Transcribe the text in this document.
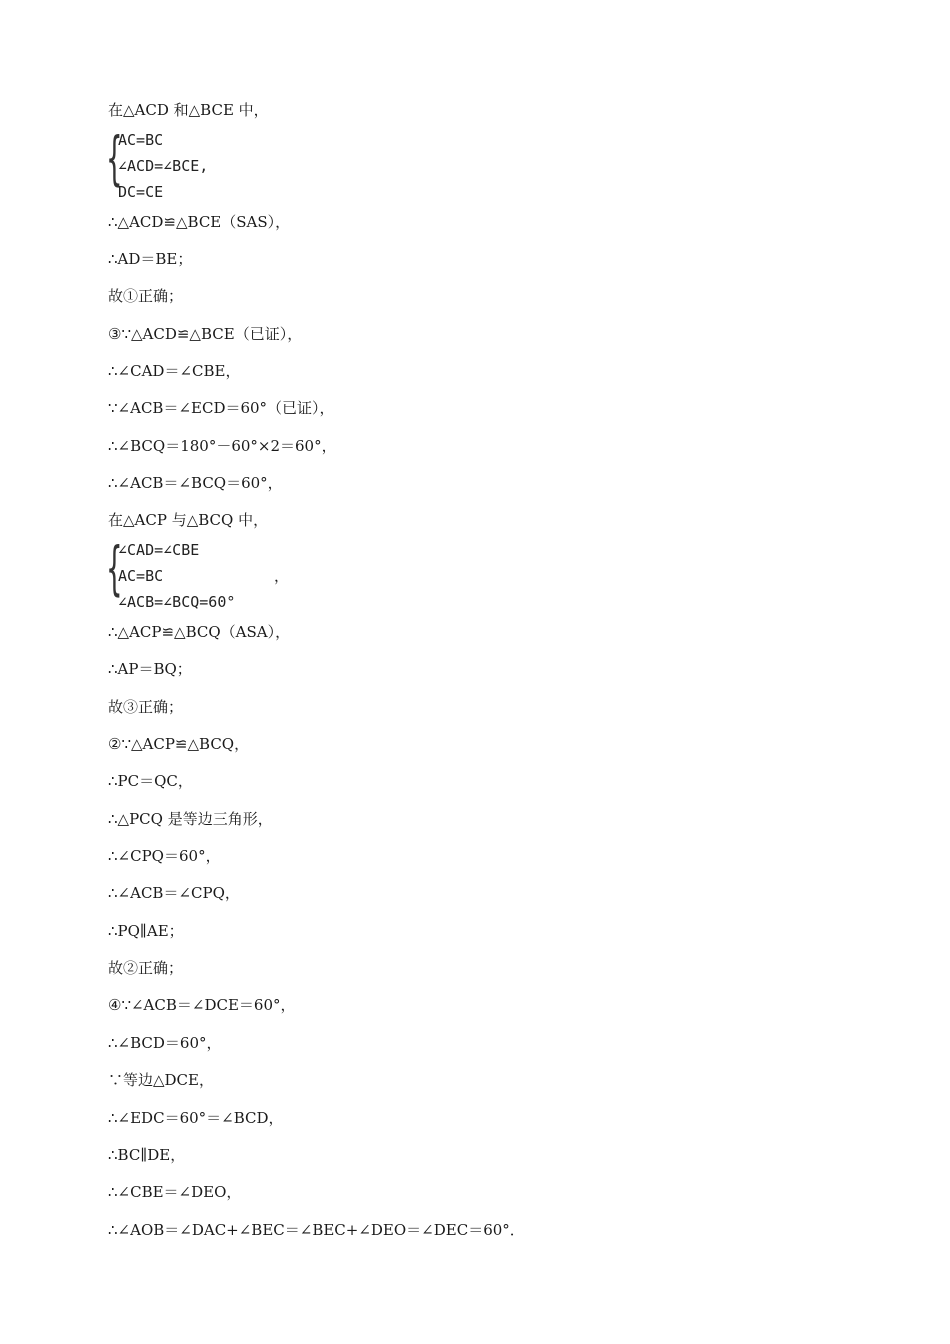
在△ACD 和△BCE 中，
{
AC=BC
∠ACD=∠BCE,
DC=CE
∴△ACD≌△BCE（SAS），
∴AD＝BE；
故①正确；
③∵△ACD≌△BCE（已证），
∴∠CAD＝∠CBE，
∵∠ACB＝∠ECD＝60°（已证），
∴∠BCQ＝180°－60°×2＝60°，
∴∠ACB＝∠BCQ＝60°，
在△ACP 与△BCQ 中，
{
∠CAD=∠CBE
AC=BC
∠ACB=∠BCQ=60°
，
∴△ACP≌△BCQ（ASA），
∴AP＝BQ；
故③正确；
②∵△ACP≌△BCQ，
∴PC＝QC，
∴△PCQ 是等边三角形，
∴∠CPQ＝60°，
∴∠ACB＝∠CPQ，
∴PQ∥AE；
故②正确；
④∵∠ACB＝∠DCE＝60°，
∴∠BCD＝60°，
∵等边△DCE，
∴∠EDC＝60°＝∠BCD，
∴BC∥DE，
∴∠CBE＝∠DEO，
∴∠AOB＝∠DAC+∠BEC＝∠BEC+∠DEO＝∠DEC＝60°．
